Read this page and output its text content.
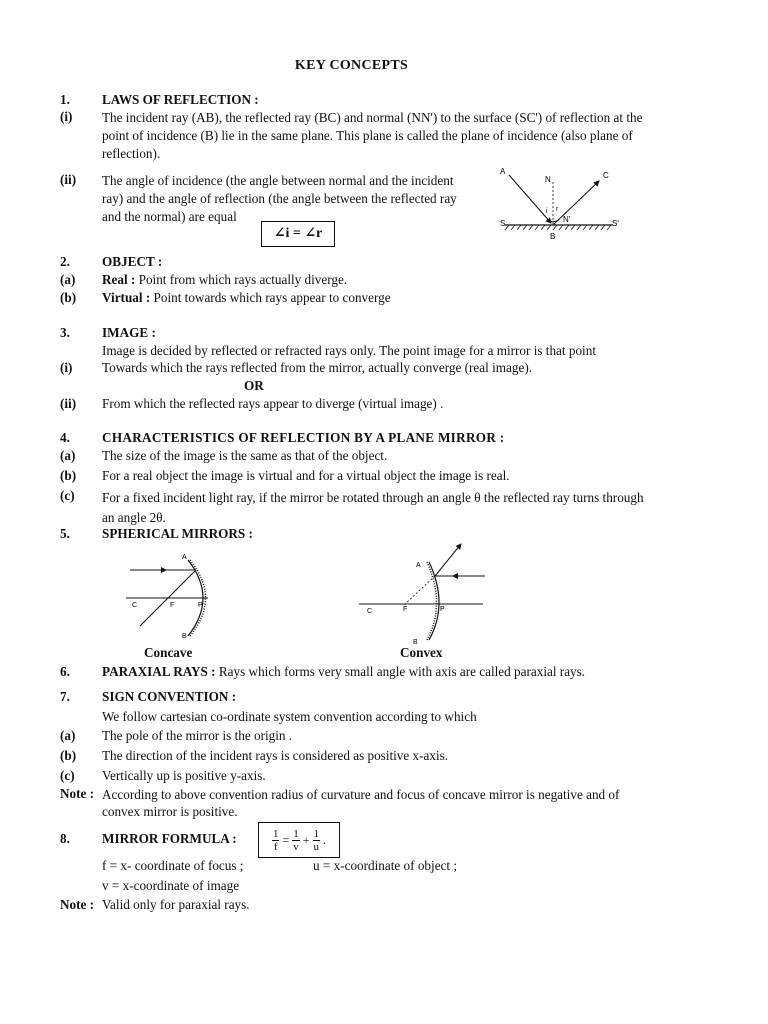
KEY CONCEPTS
1. LAWS OF REFLECTION :
(i) The incident ray (AB), the reflected ray (BC) and normal (NN') to the surface (SC') of reflection at the point of incidence (B) lie in the same plane. This plane is called the plane of incidence (also plane of reflection).
(ii) The angle of incidence (the angle between normal and the incident ray) and the angle of reflection (the angle between the reflected ray and the normal) are equal
∠i = ∠r
A	C
N
i r
N'
S	S'
B
2. OBJECT :
(a) Real : Point from which rays actually diverge.
(b) Virtual : Point towards which rays appear to converge
3. IMAGE :
Image is decided by reflected or refracted rays only. The point image for a mirror is that point
(i) Towards which the rays reflected from the mirror, actually converge (real image).
OR
(ii) From which the reflected rays appear to diverge (virtual image) .
4. CHARACTERISTICS OF REFLECTION BY A PLANE MIRROR :
(a) The size of the image is the same as that of the object.
(b) For a real object the image is virtual and for a virtual object the image is real.
(c) For a fixed incident light ray, if the mirror be rotated through an angle θ the reflected ray turns through an angle 2θ.
5. SPHERICAL MIRRORS :
A
C	F	P
B
A
C	F	P
B
Concave	Convex
6. PARAXIAL RAYS : Rays which forms very small angle with axis are called paraxial rays.
7. SIGN CONVENTION :
We follow cartesian co-ordinate system convention according to which
(a) The pole of the mirror is the origin .
(b) The direction of the incident rays is considered as positive x-axis.
(c) Vertically up is positive y-axis.
Note : According to above convention radius of curvature and focus of concave mirror is negative and of convex mirror is positive.
8. MIRROR FORMULA :	$\frac{1}{f} = \frac{1}{v} + \frac{1}{u}$ .
f = x- coordinate of focus ;	u = x-coordinate of object ;
v = x-coordinate of image
Note : Valid only for paraxial rays.
